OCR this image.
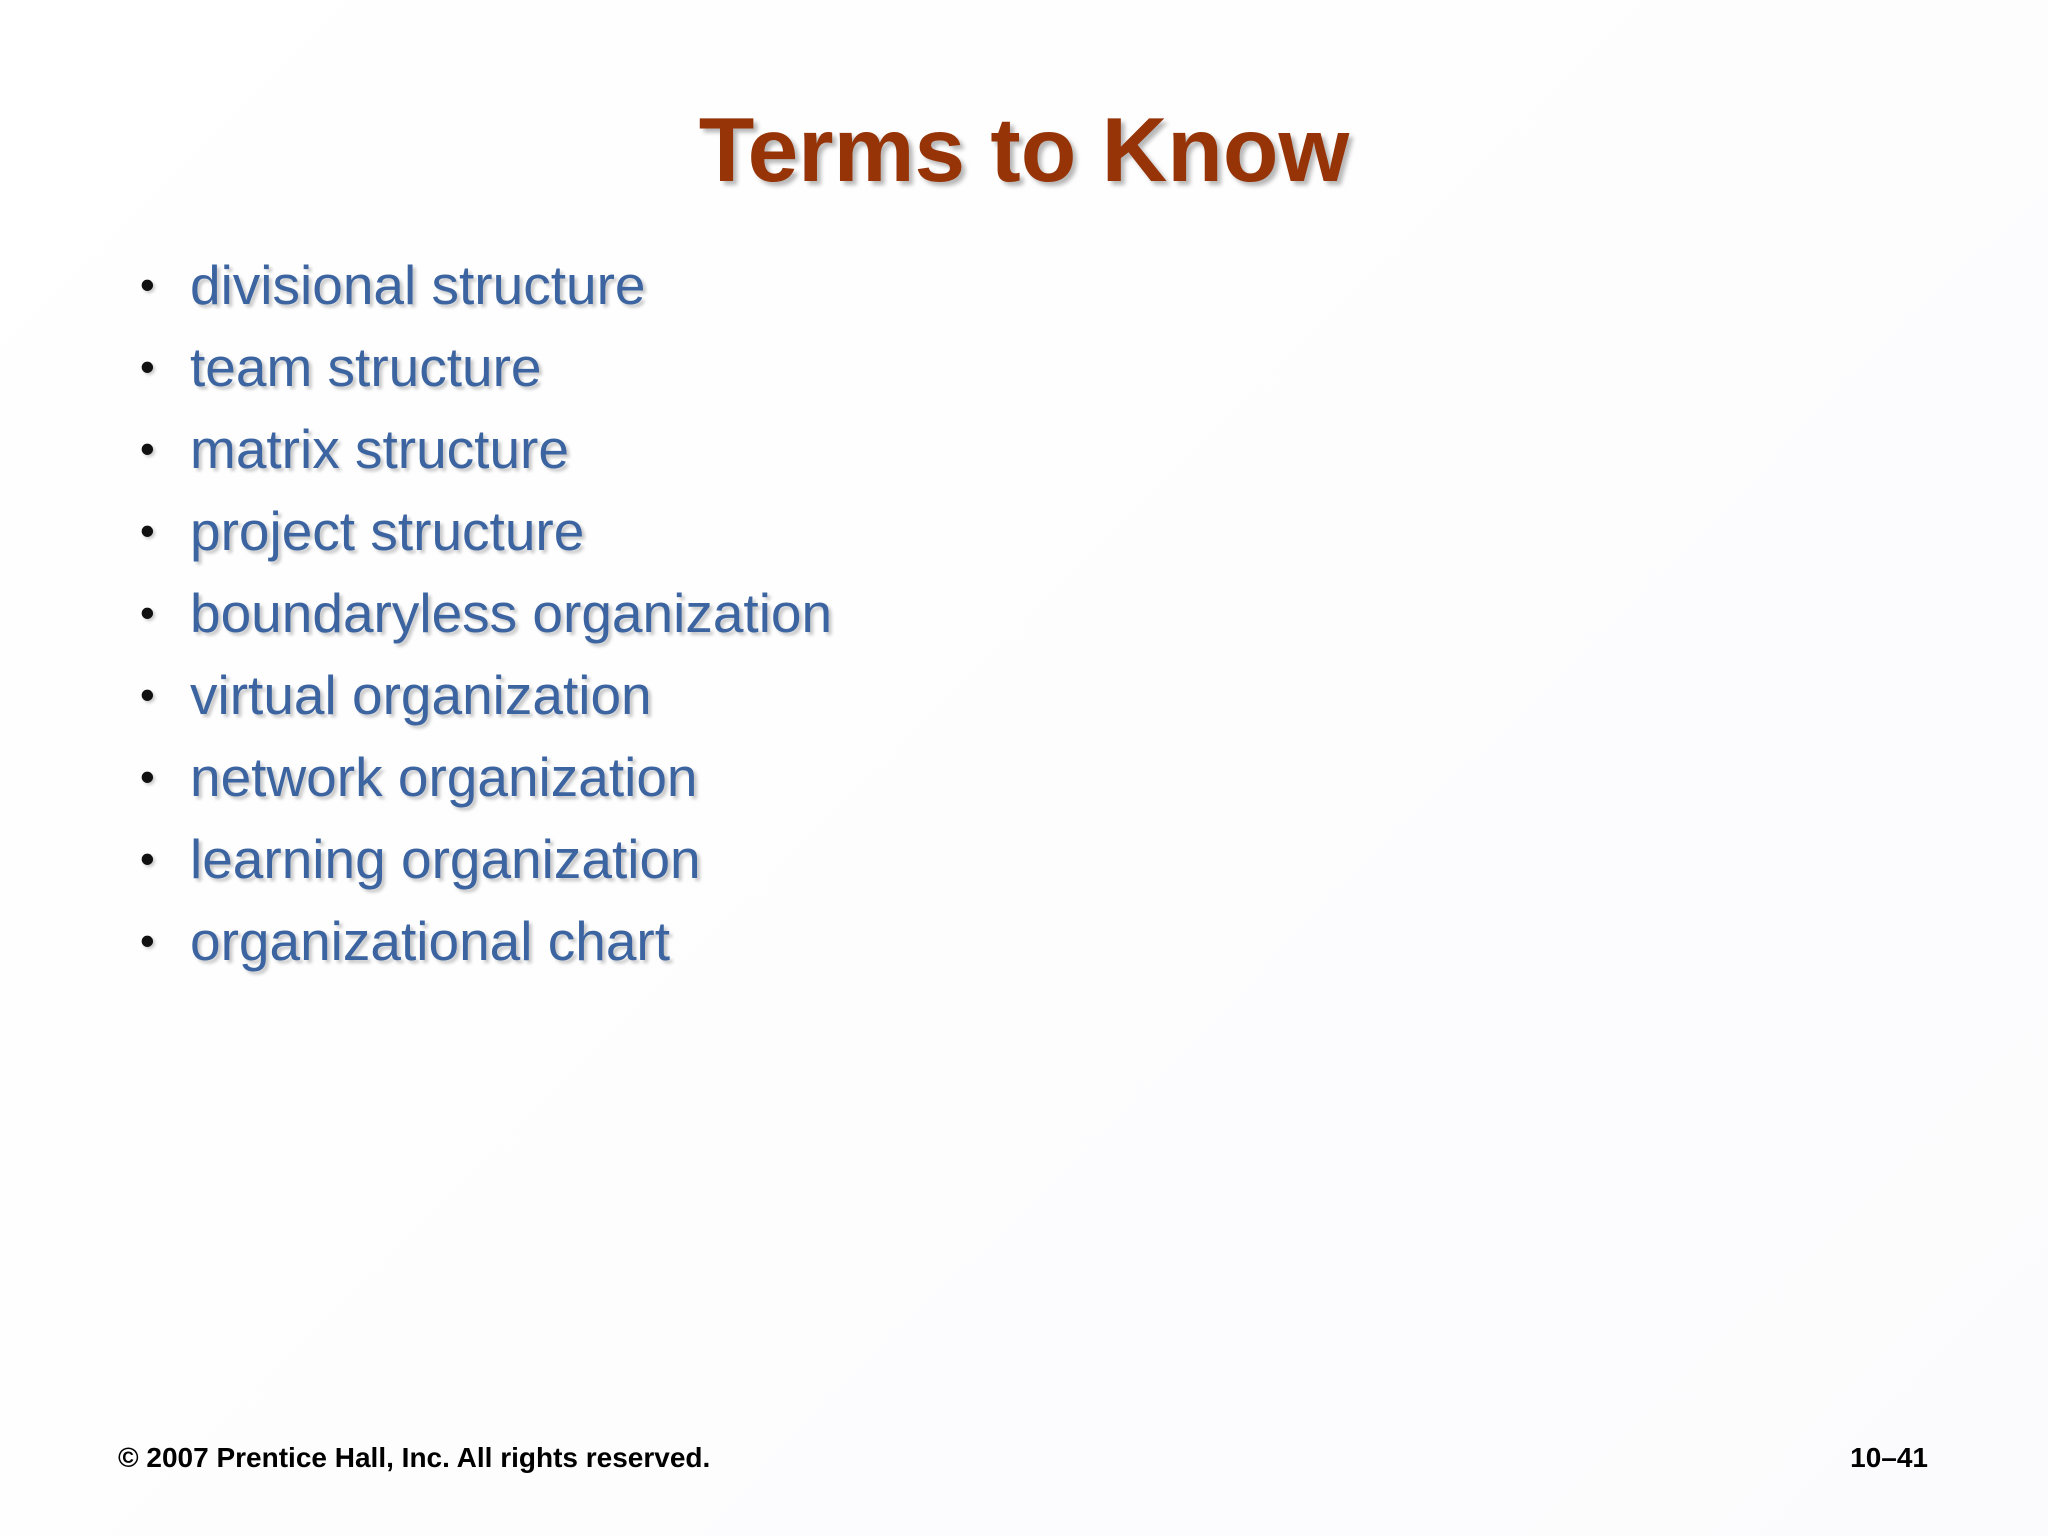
Terms to Know
• divisional structure
• team structure
• matrix structure
• project structure
• boundaryless organization
• virtual organization
• network organization
• learning organization
• organizational chart
© 2007 Prentice Hall, Inc. All rights reserved.	10–41
